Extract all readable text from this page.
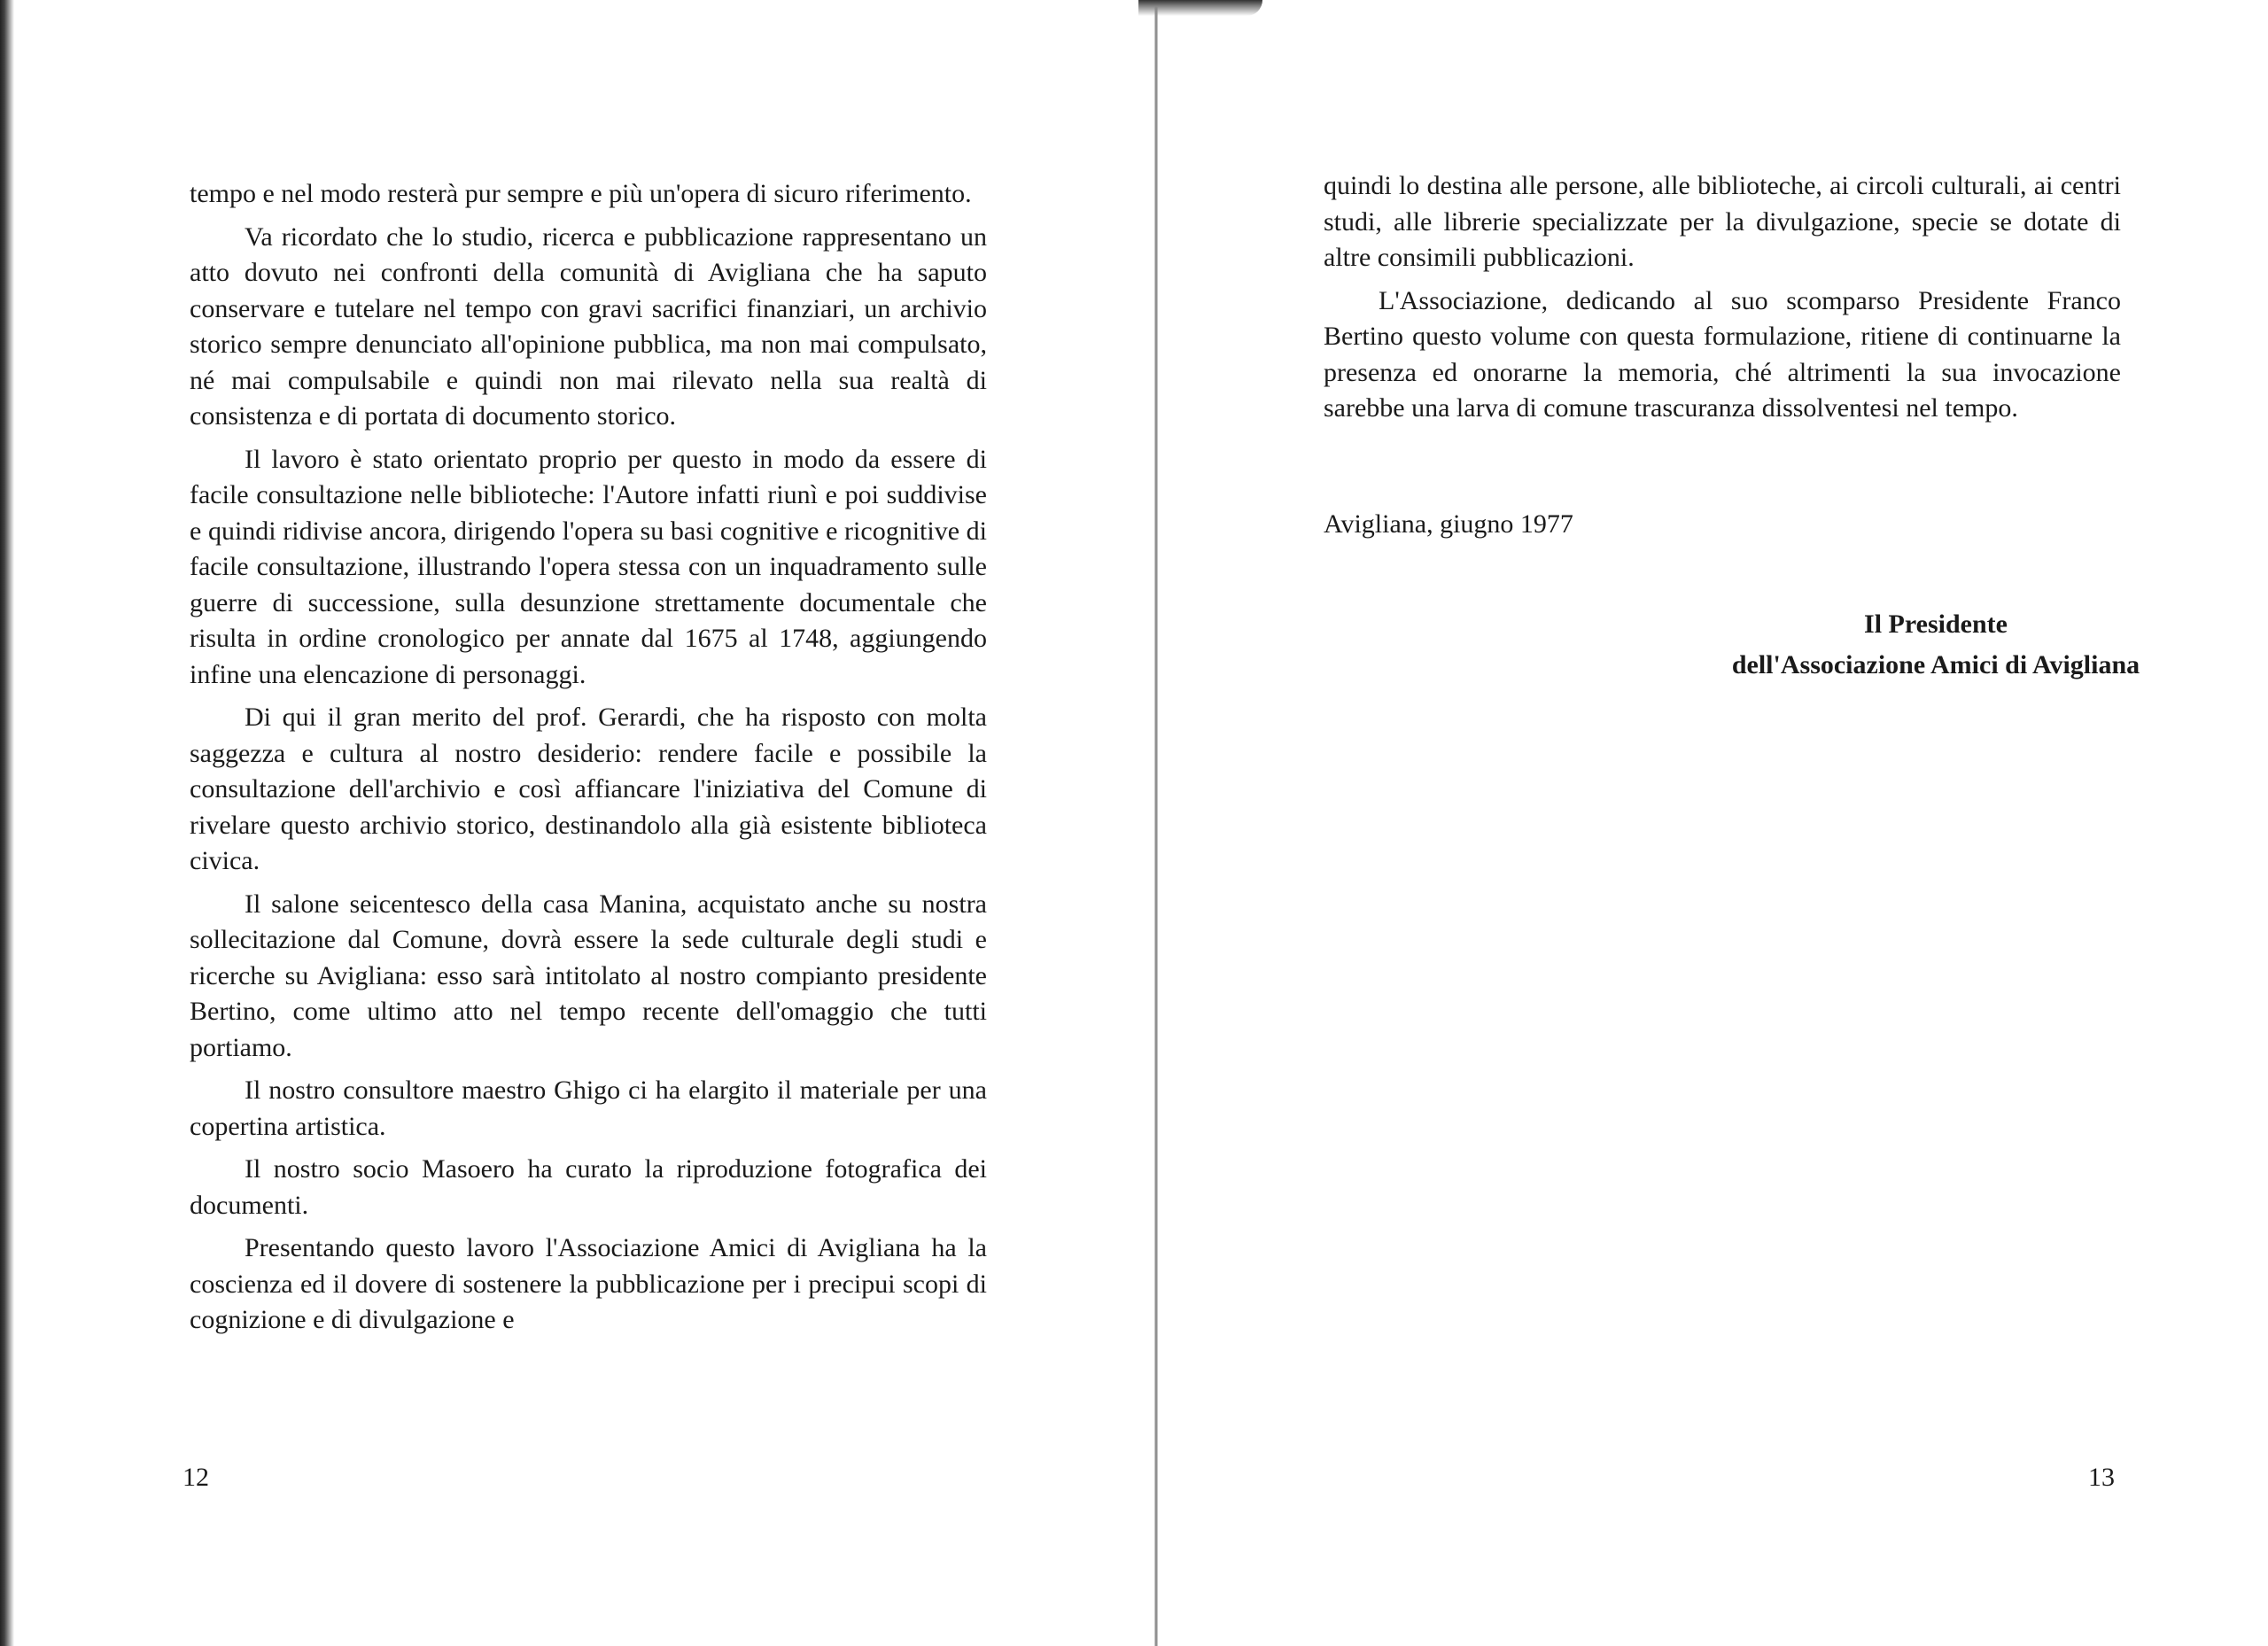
tempo e nel modo resterà pur sempre e più un'opera di sicuro riferimento.

Va ricordato che lo studio, ricerca e pubblicazione rappresentano un atto dovuto nei confronti della comunità di Avigliana che ha saputo conservare e tutelare nel tempo con gravi sacrifici finanziari, un archivio storico sempre denunciato all'opinione pubblica, ma non mai compulsato, né mai compulsabile e quindi non mai rilevato nella sua realtà di consistenza e di portata di documento storico.

Il lavoro è stato orientato proprio per questo in modo da essere di facile consultazione nelle biblioteche: l'Autore infatti riunì e poi suddivise e quindi ridivise ancora, dirigendo l'opera su basi cognitive e ricognitive di facile consultazione, illustrando l'opera stessa con un inquadramento sulle guerre di successione, sulla desunzione strettamente documentale che risulta in ordine cronologico per annate dal 1675 al 1748, aggiungendo infine una elencazione di personaggi.

Di qui il gran merito del prof. Gerardi, che ha risposto con molta saggezza e cultura al nostro desiderio: rendere facile e possibile la consultazione dell'archivio e così affiancare l'iniziativa del Comune di rivelare questo archivio storico, destinandolo alla già esistente biblioteca civica.

Il salone seicentesco della casa Manina, acquistato anche su nostra sollecitazione dal Comune, dovrà essere la sede culturale degli studi e ricerche su Avigliana: esso sarà intitolato al nostro compianto presidente Bertino, come ultimo atto nel tempo recente dell'omaggio che tutti portiamo.

Il nostro consultore maestro Ghigo ci ha elargito il materiale per una copertina artistica.

Il nostro socio Masoero ha curato la riproduzione fotografica dei documenti.

Presentando questo lavoro l'Associazione Amici di Avigliana ha la coscienza ed il dovere di sostenere la pubblicazione per i precipui scopi di cognizione e di divulgazione e

12

quindi lo destina alle persone, alle biblioteche, ai circoli culturali, ai centri studi, alle librerie specializzate per la divulgazione, specie se dotate di altre consimili pubblicazioni.

L'Associazione, dedicando al suo scomparso Presidente Franco Bertino questo volume con questa formulazione, ritiene di continuarne la presenza ed onorarne la memoria, ché altrimenti la sua invocazione sarebbe una larva di comune trascuranza dissolventesi nel tempo.

Avigliana, giugno 1977
Il Presidente
dell'Associazione Amici di Avigliana
13
